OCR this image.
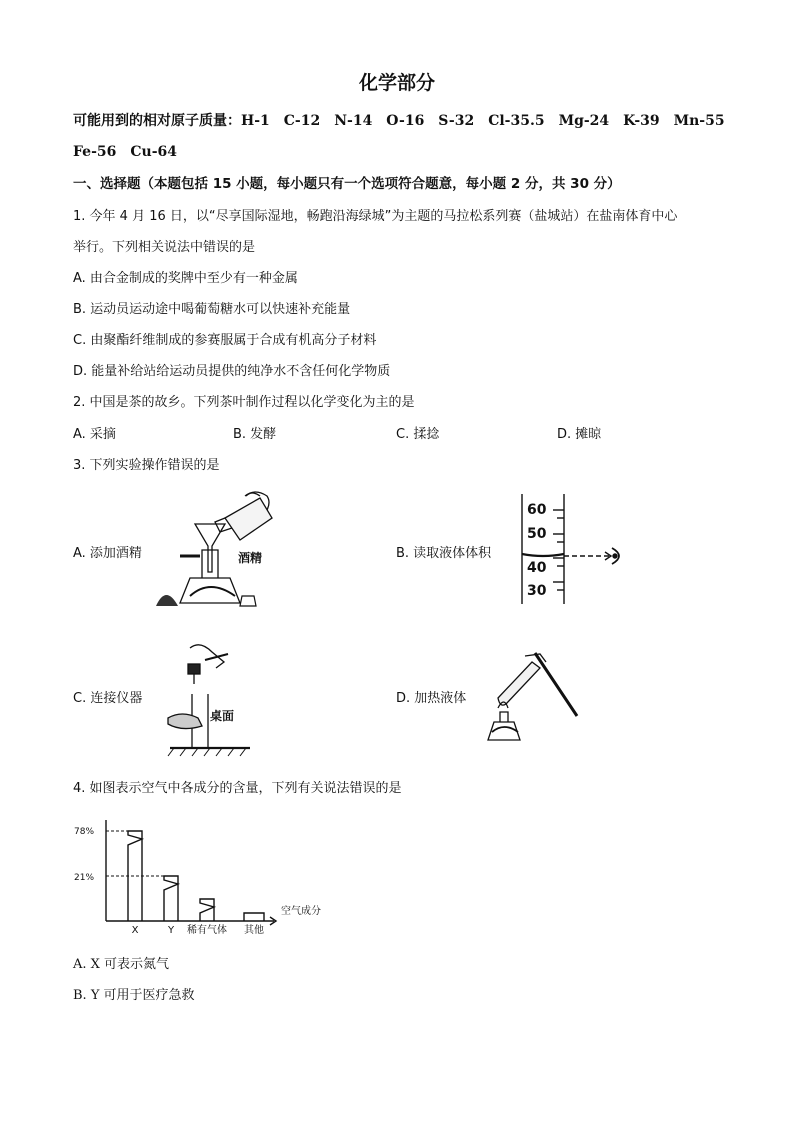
化学部分
可能用到的相对原子质量：H-1　C-12　N-14　O-16　S-32　Cl-35.5　Mg-24　K-39　Mn-55
Fe-56　Cu-64
一、选择题（本题包括 15 小题，每小题只有一个选项符合题意，每小题 2 分，共 30 分）
1. 今年 4 月 16 日，以“尽享国际湿地，畅跑沿海绿城”为主题的马拉松系列赛（盐城站）在盐南体育中心
举行。下列相关说法中错误的是
A. 由合金制成的奖牌中至少有一种金属
B. 运动员运动途中喝葡萄糖水可以快速补充能量
C. 由聚酯纤维制成的参赛服属于合成有机高分子材料
D. 能量补给站给运动员提供的纯净水不含任何化学物质
2. 中国是茶的故乡。下列茶叶制作过程以化学变化为主的是
A. 采摘	B. 发酵	C. 揉捻	D. 摊晾
3. 下列实验操作错误的是
A. 添加酒精	B. 读取液体体积
C. 连接仪器	D. 加热液体
酒精
60
50
40
30
桌面
4. 如图表示空气中各成分的含量，下列有关说法错误的是
X	Y 稀有气体 其他
78%
21%
空气成分
A. X 可表示氮气
B. Y 可用于医疗急救
